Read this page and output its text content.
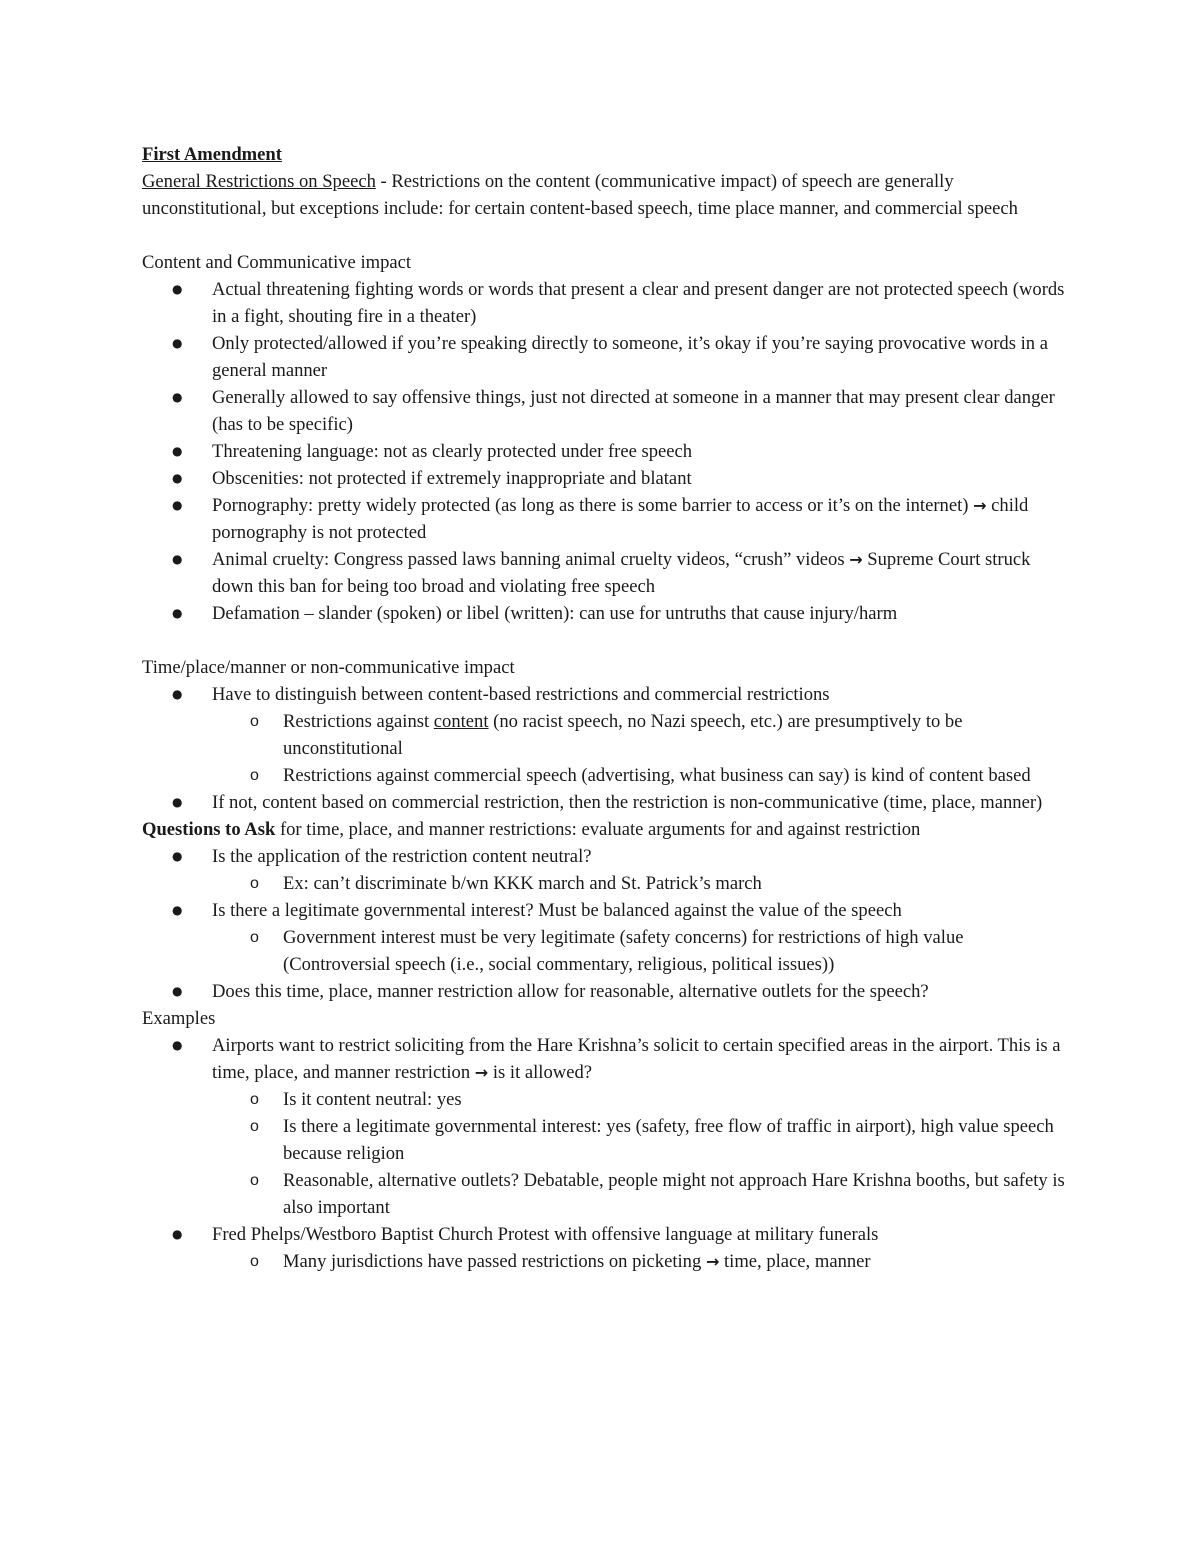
First Amendment

General Restrictions on Speech - Restrictions on the content (communicative impact) of speech are generally unconstitutional, but exceptions include: for certain content-based speech, time place manner, and commercial speech

Content and Communicative impact

● Actual threatening fighting words or words that present a clear and present danger are not protected speech (words in a fight, shouting fire in a theater)
● Only protected/allowed if you’re speaking directly to someone, it’s okay if you’re saying provocative words in a general manner
● Generally allowed to say offensive things, just not directed at someone in a manner that may present clear danger (has to be specific)
● Threatening language: not as clearly protected under free speech
● Obscenities: not protected if extremely inappropriate and blatant
● Pornography: pretty widely protected (as long as there is some barrier to access or it’s on the internet) → child pornography is not protected
● Animal cruelty: Congress passed laws banning animal cruelty videos, “crush” videos → Supreme Court struck down this ban for being too broad and violating free speech
● Defamation – slander (spoken) or libel (written): can use for untruths that cause injury/harm

Time/place/manner or non-communicative impact

● Have to distinguish between content-based restrictions and commercial restrictions
o Restrictions against content (no racist speech, no Nazi speech, etc.) are presumptively to be unconstitutional
o Restrictions against commercial speech (advertising, what business can say) is kind of content based
● If not, content based on commercial restriction, then the restriction is non-communicative (time, place, manner)

Questions to Ask for time, place, and manner restrictions: evaluate arguments for and against restriction

● Is the application of the restriction content neutral?
o Ex: can’t discriminate b/wn KKK march and St. Patrick’s march
● Is there a legitimate governmental interest? Must be balanced against the value of the speech
o Government interest must be very legitimate (safety concerns) for restrictions of high value (Controversial speech (i.e., social commentary, religious, political issues))
● Does this time, place, manner restriction allow for reasonable, alternative outlets for the speech?

Examples

● Airports want to restrict soliciting from the Hare Krishna’s solicit to certain specified areas in the airport. This is a time, place, and manner restriction → is it allowed?
o Is it content neutral: yes
o Is there a legitimate governmental interest: yes (safety, free flow of traffic in airport), high value speech because religion
o Reasonable, alternative outlets? Debatable, people might not approach Hare Krishna booths, but safety is also important
● Fred Phelps/Westboro Baptist Church Protest with offensive language at military funerals
o Many jurisdictions have passed restrictions on picketing → time, place, manner
